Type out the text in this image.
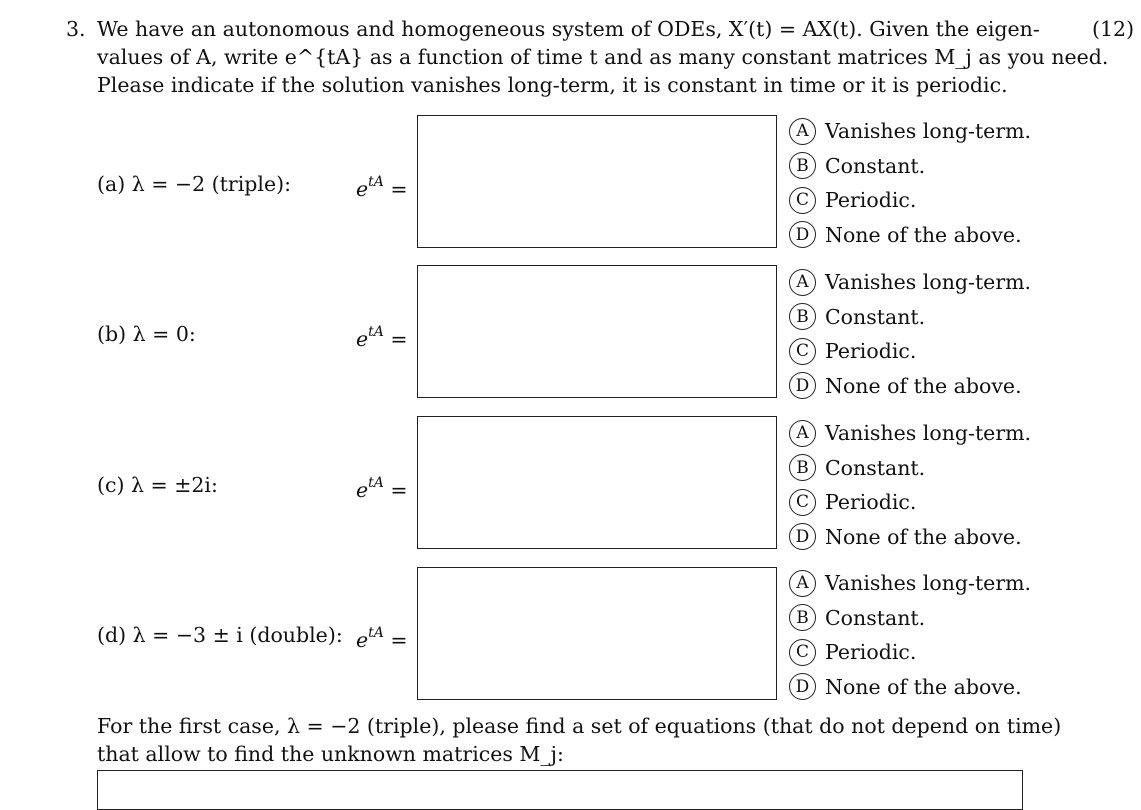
3.	(12)
We have an autonomous and homogeneous system of ODEs, X′(t) = AX(t). Given the eigen-
values of A, write e^{tA} as a function of time t and as many constant matrices M_j as you need.
Please indicate if the solution vanishes long-term, it is constant in time or it is periodic.
(a) λ = −2 (triple):	$e^{tA}$ =
A Vanishes long-term.
B Constant.
C Periodic.
D None of the above.
(b) λ = 0:	$e^{tA}$ =
A Vanishes long-term.
B Constant.
C Periodic.
D None of the above.
(c) λ = ±2i:	$e^{tA}$ =
A Vanishes long-term.
B Constant.
C Periodic.
D None of the above.
(d) λ = −3 ± i (double): $e^{tA}$ =
A Vanishes long-term.
B Constant.
C Periodic.
D None of the above.
For the first case, λ = −2 (triple), please find a set of equations (that do not depend on time)
that allow to find the unknown matrices M_j:
